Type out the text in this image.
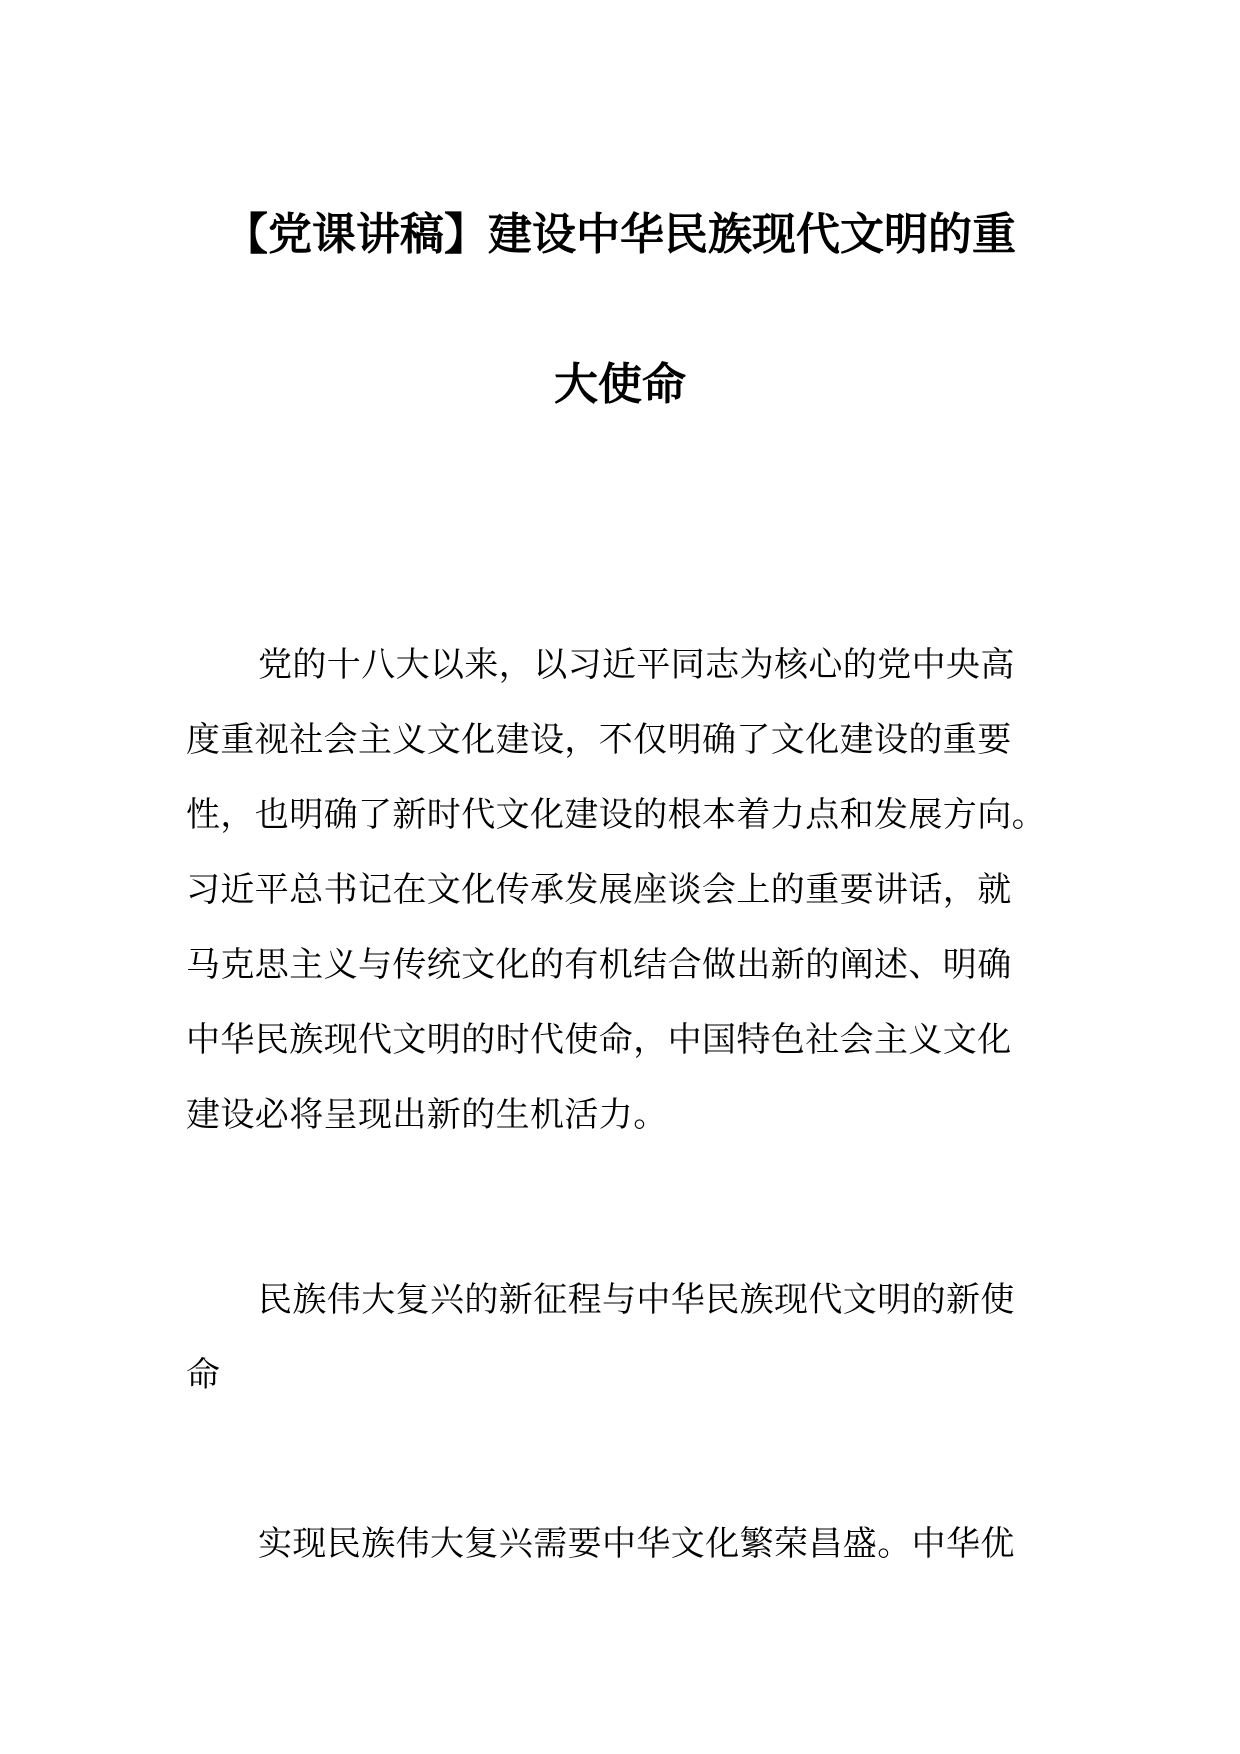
【党课讲稿】建设中华民族现代文明的重
大使命
党的十八大以来，以习近平同志为核心的党中央高
度重视社会主义文化建设，不仅明确了文化建设的重要
性，也明确了新时代文化建设的根本着力点和发展方向。
习近平总书记在文化传承发展座谈会上的重要讲话，就
马克思主义与传统文化的有机结合做出新的阐述、明确
中华民族现代文明的时代使命，中国特色社会主义文化
建设必将呈现出新的生机活力。
民族伟大复兴的新征程与中华民族现代文明的新使
命
实现民族伟大复兴需要中华文化繁荣昌盛。中华优
